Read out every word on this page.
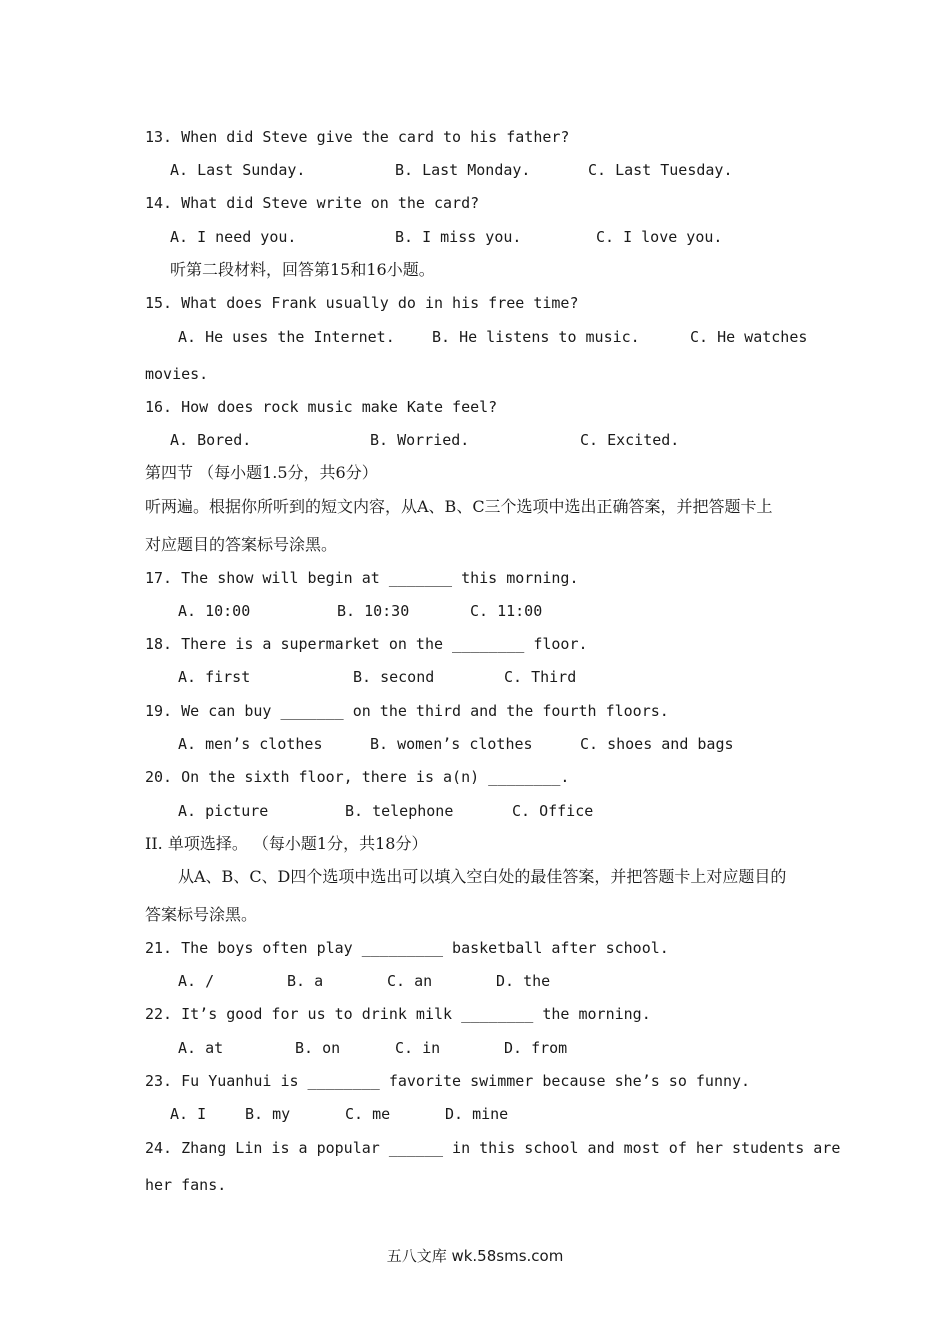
13. When did Steve give the card to his father?
A. Last Sunday.	B. Last Monday.	C. Last Tuesday.
14. What did Steve write on the card?
A. I need you.	B. I miss you.	C. I love you.
听第二段材料，回答第15和16小题。
15. What does Frank usually do in his free time?
A. He uses the Internet. B. He listens to music.	C. He watches
movies.
16. How does rock music make Kate feel?
A. Bored.	B. Worried.	C. Excited.
第四节 （每小题1.5分，共6分）
听两遍。根据你所听到的短文内容，从A、B、C三个选项中选出正确答案，并把答题卡上
对应题目的答案标号涂黑。
17. The show will begin at _______ this morning.
A. 10:00	B. 10:30	C. 11:00
18. There is a supermarket on the ________ floor.
A. first	B. second	C. Third
19. We can buy _______ on the third and the fourth floors.
A. men’s clothes	B. women’s clothes	C. shoes and bags
20. On the sixth floor, there is a(n) ________.
A. picture	B. telephone	C. Office
II. 单项选择。 （每小题1分，共18分）
从A、B、C、D四个选项中选出可以填入空白处的最佳答案，并把答题卡上对应题目的
答案标号涂黑。
21. The boys often play _________ basketball after school.
A. /	B. a	C. an	D. the
22. It’s good for us to drink milk ________ the morning.
A. at	B. on	C. in	D. from
23. Fu Yuanhui is ________ favorite swimmer because she’s so funny.
A. I	B. my	C. me	D. mine
24. Zhang Lin is a popular ______ in this school and most of her students are
her fans.
五八文库 wk.58sms.com
